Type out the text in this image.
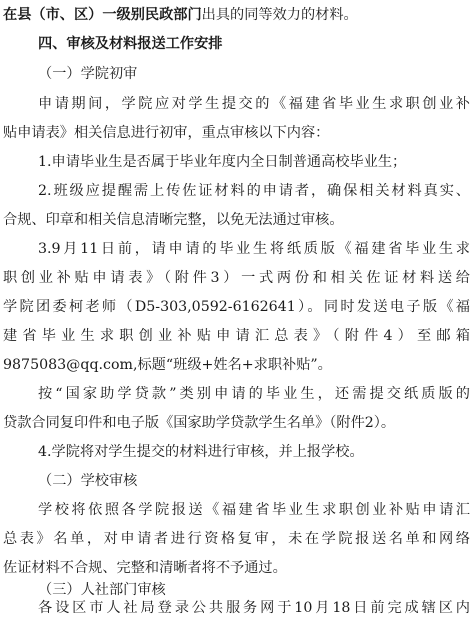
在县（市、区）一级别民政部门出具的同等效力的材料。
四、审核及材料报送工作安排
（一）学院初审
申请期间，学院应对学生提交的《福建省毕业生求职创业补
贴申请表》相关信息进行初审，重点审核以下内容：
1.申请毕业生是否属于毕业年度内全日制普通高校毕业生；
2.班级应提醒需上传佐证材料的申请者，确保相关材料真实、
合规、印章和相关信息清晰完整，以免无法通过审核。
3.9月11日前，请申请的毕业生将纸质版《福建省毕业生求
职创业补贴申请表》（附件3）一式两份和相关佐证材料送给
学院团委柯老师（D5-303,0592-6162641）。同时发送电子版《福
建省毕业生求职创业补贴申请汇总表》（附件4）至邮箱
9875083@qq.com,标题“班级+姓名+求职补贴”。
按“国家助学贷款”类别申请的毕业生，还需提交纸质版的
贷款合同复印件和电子版《国家助学贷款学生名单》（附件2）。
4.学院将对学生提交的材料进行审核，并上报学校。
（二）学校审核
学校将依照各学院报送《福建省毕业生求职创业补贴申请汇
总表》名单，对申请者进行资格复审，未在学院报送名单和网络
佐证材料不合规、完整和清晰者将不予通过。
（三）人社部门审核
各设区市人社局登录公共服务网于10月18日前完成辖区内
